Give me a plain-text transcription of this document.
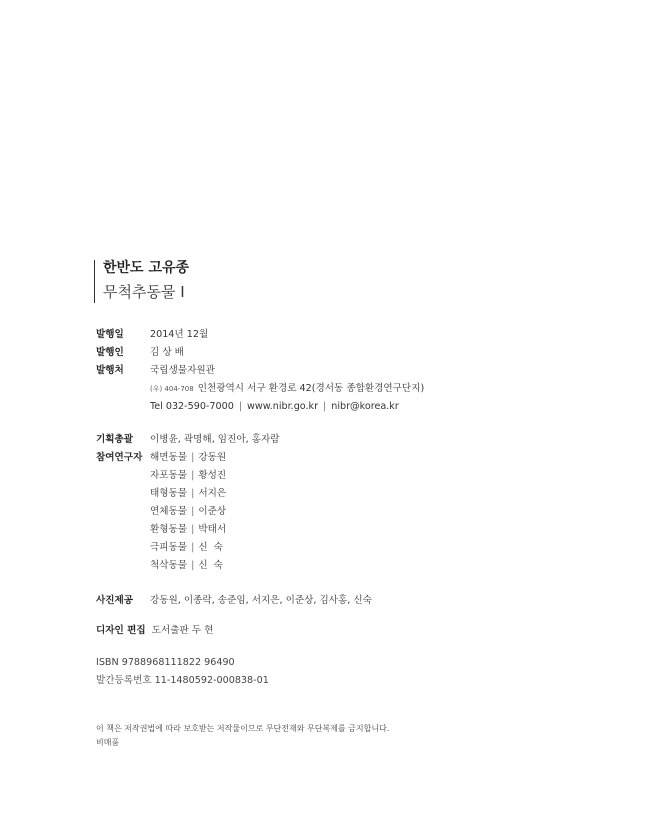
한반도 고유종
무척추동물 I
발행일	2014년 12월
발행인	김 상 배
발행처	국립생물자원관
(우) 404-708 인천광역시 서구 환경로 42(경서동 종합환경연구단지)
Tel 032-590-7000 | www.nibr.go.kr | nibr@korea.kr
기획총괄	이병윤, 곽명해, 임진아, 홍자람
참여연구자 해면동물 | 강동원
자포동물 | 황성진
태형동물 | 서지은
연체동물 | 이준상
환형동물 | 박태서
극피동물 | 신  숙
척삭동물 | 신  숙
사진제공	강동원, 이종락, 송준임, 서지은, 이준상, 김사홍, 신숙
디자인 편집 도서출판 두 현
ISBN 9788968111822 96490
발간등록번호 11-1480592-000838-01
이 책은 저작권법에 따라 보호받는 저작물이므로 무단전재와 무단복제를 금지합니다.
비매품
